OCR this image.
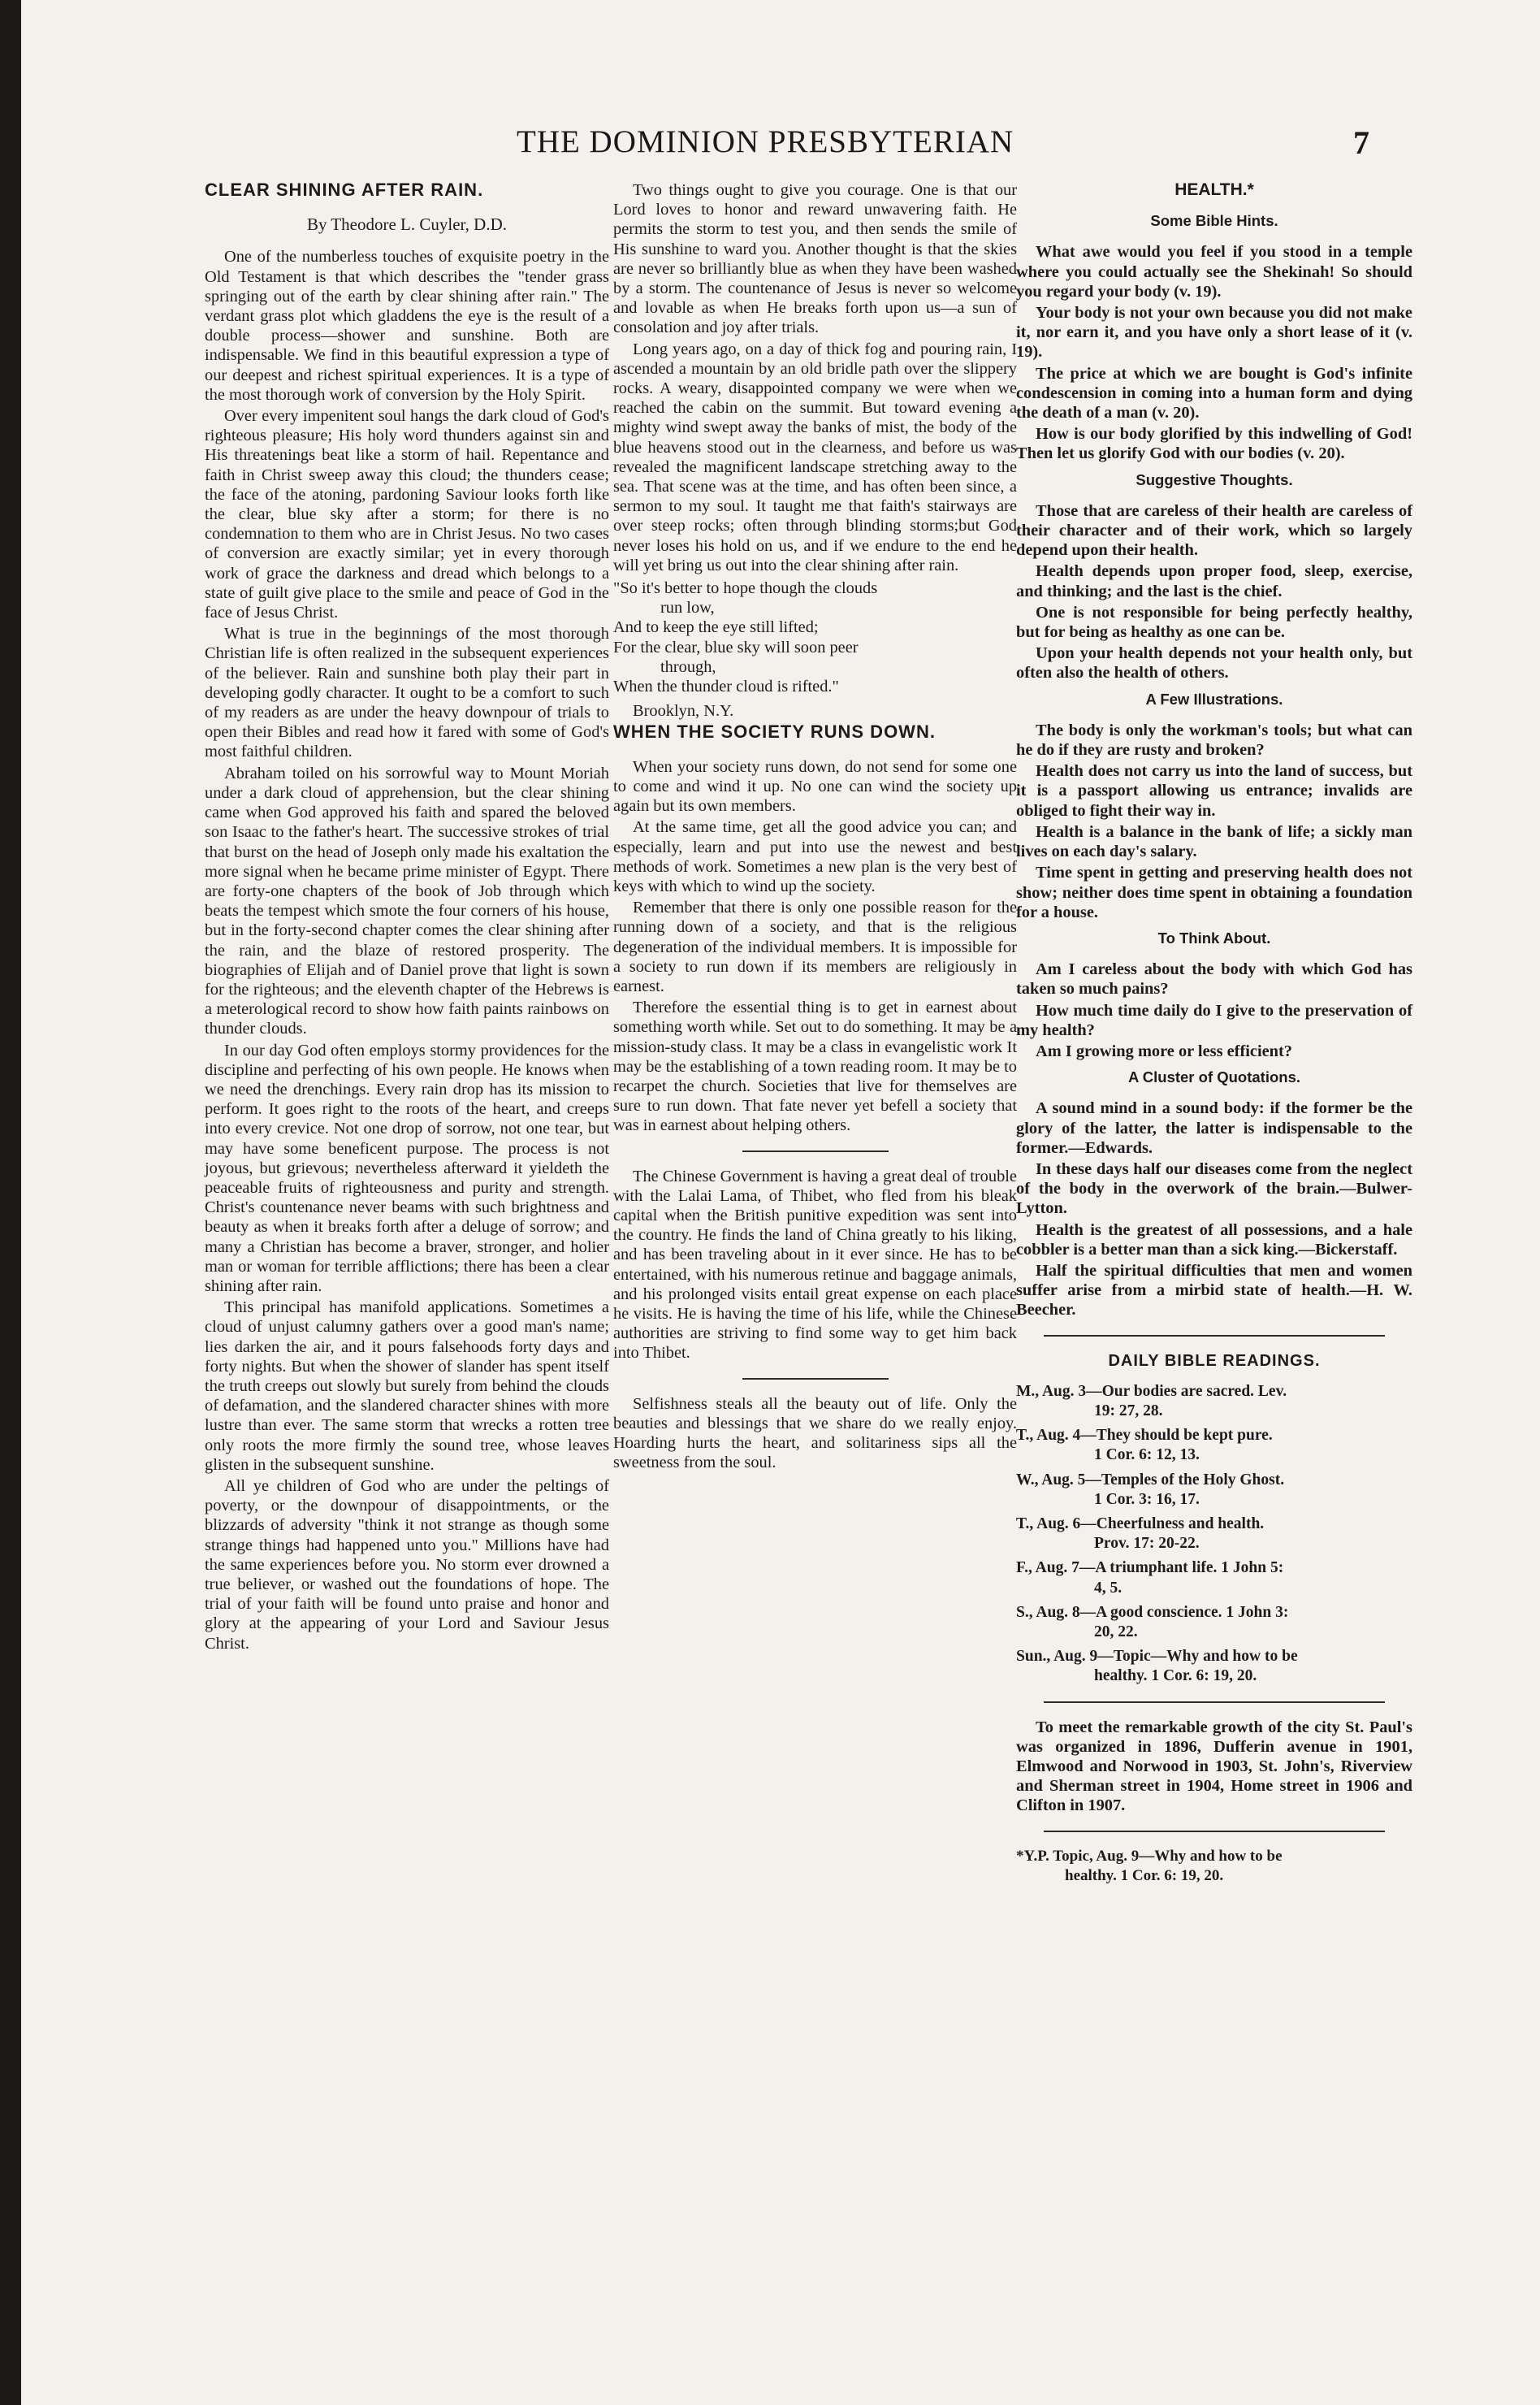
THE DOMINION PRESBYTERIAN	7
CLEAR SHINING AFTER RAIN.
By Theodore L. Cuyler, D.D.

One of the numberless touches of exquisite poetry in the Old Testament is that which describes the "tender grass springing out of the earth by clear shining after rain." The verdant grass plot which gladdens the eye is the result of a double process—shower and sunshine. Both are indispensable. We find in this beautiful expression a type of our deepest and richest spiritual experiences. It is a type of the most thorough work of conversion by the Holy Spirit.

Over every impenitent soul hangs the dark cloud of God's righteous pleasure; His holy word thunders against sin and His threatenings beat like a storm of hail. Repentance and faith in Christ sweep away this cloud; the thunders cease; the face of the atoning, pardoning Saviour looks forth like the clear, blue sky after a storm; for there is no condemnation to them who are in Christ Jesus. No two cases of conversion are exactly similar; yet in every thorough work of grace the darkness and dread which belongs to a state of guilt give place to the smile and peace of God in the face of Jesus Christ.

What is true in the beginnings of the most thorough Christian life is often realized in the subsequent experiences of the believer. Rain and sunshine both play their part in developing godly character. It ought to be a comfort to such of my readers as are under the heavy downpour of trials to open their Bibles and read how it fared with some of God's most faithful children.

Abraham toiled on his sorrowful way to Mount Moriah under a dark cloud of apprehension, but the clear shining came when God approved his faith and spared the beloved son Isaac to the father's heart. The successive strokes of trial that burst on the head of Joseph only made his exaltation the more signal when he became prime minister of Egypt. There are forty-one chapters of the book of Job through which beats the tempest which smote the four corners of his house, but in the forty-second chapter comes the clear shining after the rain, and the blaze of restored prosperity. The biographies of Elijah and of Daniel prove that light is sown for the righteous; and the eleventh chapter of the Hebrews is a meterological record to show how faith paints rainbows on thunder clouds.

In our day God often employs stormy providences for the discipline and perfecting of his own people. He knows when we need the drenchings. Every rain drop has its mission to perform. It goes right to the roots of the heart, and creeps into every crevice. Not one drop of sorrow, not one tear, but may have some beneficent purpose. The process is not joyous, but grievous; nevertheless afterward it yieldeth the peaceable fruits of righteousness and purity and strength. Christ's countenance never beams with such brightness and beauty as when it breaks forth after a deluge of sorrow; and many a Christian has become a braver, stronger, and holier man or woman for terrible afflictions; there has been a clear shining after rain.

This principal has manifold applications. Sometimes a cloud of unjust calumny gathers over a good man's name; lies darken the air, and it pours falsehoods forty days and forty nights. But when the shower of slander has spent itself the truth creeps out slowly but surely from behind the clouds of defamation, and the slandered character shines with more lustre than ever. The same storm that wrecks a rotten tree only roots the more firmly the sound tree, whose leaves glisten in the subsequent sunshine.

All ye children of God who are under the peltings of poverty, or the downpour of disappointments, or the blizzards of adversity "think it not strange as though some strange things had happened unto you." Millions have had the same experiences before you. No storm ever drowned a true believer, or washed out the foundations of hope. The trial of your faith will be found unto praise and honor and glory at the appearing of your Lord and Saviour Jesus Christ.

Two things ought to give you courage. One is that our Lord loves to honor and reward unwavering faith. He permits the storm to test you, and then sends the smile of His sunshine to ward you. Another thought is that the skies are never so brilliantly blue as when they have been washed by a storm. The countenance of Jesus is never so welcome and lovable as when He breaks forth upon us—a sun of consolation and joy after trials.

Long years ago, on a day of thick fog and pouring rain, I ascended a mountain by an old bridle path over the slippery rocks. A weary, disappointed company we were when we reached the cabin on the summit. But toward evening a mighty wind swept away the banks of mist, the body of the blue heavens stood out in the clearness, and before us was revealed the magnificent landscape stretching away to the sea. That scene was at the time, and has often been since, a sermon to my soul. It taught me that faith's stairways are over steep rocks; often through blinding storms;but God never loses his hold on us, and if we endure to the end he will yet bring us out into the clear shining after rain.

"So it's better to hope though the clouds
run low,
And to keep the eye still lifted;
For the clear, blue sky will soon peer
through,
When the thunder cloud is rifted."

Brooklyn, N.Y.

WHEN THE SOCIETY RUNS DOWN.

When your society runs down, do not send for some one to come and wind it up. No one can wind the society up again but its own members.

At the same time, get all the good advice you can; and especially, learn and put into use the newest and best methods of work. Sometimes a new plan is the very best of keys with which to wind up the society.

Remember that there is only one possible reason for the running down of a society, and that is the religious degeneration of the individual members. It is impossible for a society to run down if its members are religiously in earnest.

Therefore the essential thing is to get in earnest about something worth while. Set out to do something. It may be a mission-study class. It may be a class in evangelistic work It may be the establishing of a town reading room. It may be to recarpet the church. Societies that live for themselves are sure to run down. That fate never yet befell a society that was in earnest about helping others.

The Chinese Government is having a great deal of trouble with the Lalai Lama, of Thibet, who fled from his bleak capital when the British punitive expedition was sent into the country. He finds the land of China greatly to his liking, and has been traveling about in it ever since. He has to be entertained, with his numerous retinue and baggage animals, and his prolonged visits entail great expense on each place he visits. He is having the time of his life, while the Chinese authorities are striving to find some way to get him back into Thibet.

Selfishness steals all the beauty out of life. Only the beauties and blessings that we share do we really enjoy. Hoarding hurts the heart, and solitariness sips all the sweetness from the soul.

HEALTH.*
Some Bible Hints.

What awe would you feel if you stood in a temple where you could actually see the Shekinah! So should you regard your body (v. 19).

Your body is not your own because you did not make it, nor earn it, and you have only a short lease of it (v. 19).

The price at which we are bought is God's infinite condescension in coming into a human form and dying the death of a man (v. 20).

How is our body glorified by this indwelling of God! Then let us glorify God with our bodies (v. 20).

Suggestive Thoughts.

Those that are careless of their health are careless of their character and of their work, which so largely depend upon their health.

Health depends upon proper food, sleep, exercise, and thinking; and the last is the chief.

One is not responsible for being perfectly healthy, but for being as healthy as one can be.

Upon your health depends not your health only, but often also the health of others.

A Few Illustrations.

The body is only the workman's tools; but what can he do if they are rusty and broken?

Health does not carry us into the land of success, but it is a passport allowing us entrance; invalids are obliged to fight their way in.

Health is a balance in the bank of life; a sickly man lives on each day's salary.

Time spent in getting and preserving health does not show; neither does time spent in obtaining a foundation for a house.

To Think About.

Am I careless about the body with which God has taken so much pains?

How much time daily do I give to the preservation of my health?

Am I growing more or less efficient?

A Cluster of Quotations.

A sound mind in a sound body: if the former be the glory of the latter, the latter is indispensable to the former.—Edwards.

In these days half our diseases come from the neglect of the body in the overwork of the brain.—Bulwer-Lytton.

Health is the greatest of all possessions, and a hale cobbler is a better man than a sick king.—Bickerstaff.

Half the spiritual difficulties that men and women suffer arise from a mirbid state of health.—H. W. Beecher.

DAILY BIBLE READINGS.
M., Aug. 3—Our bodies are sacred. Lev.
19: 27, 28.
T., Aug. 4—They should be kept pure.
1 Cor. 6: 12, 13.
W., Aug. 5—Temples of the Holy Ghost.
1 Cor. 3: 16, 17.
T., Aug. 6—Cheerfulness and health.
Prov. 17: 20-22.
F., Aug. 7—A triumphant life. 1 John 5:
4, 5.
S., Aug. 8—A good conscience. 1 John 3:
20, 22.
Sun., Aug. 9—Topic—Why and how to be
healthy. 1 Cor. 6: 19, 20.

To meet the remarkable growth of the city St. Paul's was organized in 1896, Dufferin avenue in 1901, Elmwood and Norwood in 1903, St. John's, Riverview and Sherman street in 1904, Home street in 1906 and Clifton in 1907.

*Y.P. Topic, Aug. 9—Why and how to be
healthy. 1 Cor. 6: 19, 20.
